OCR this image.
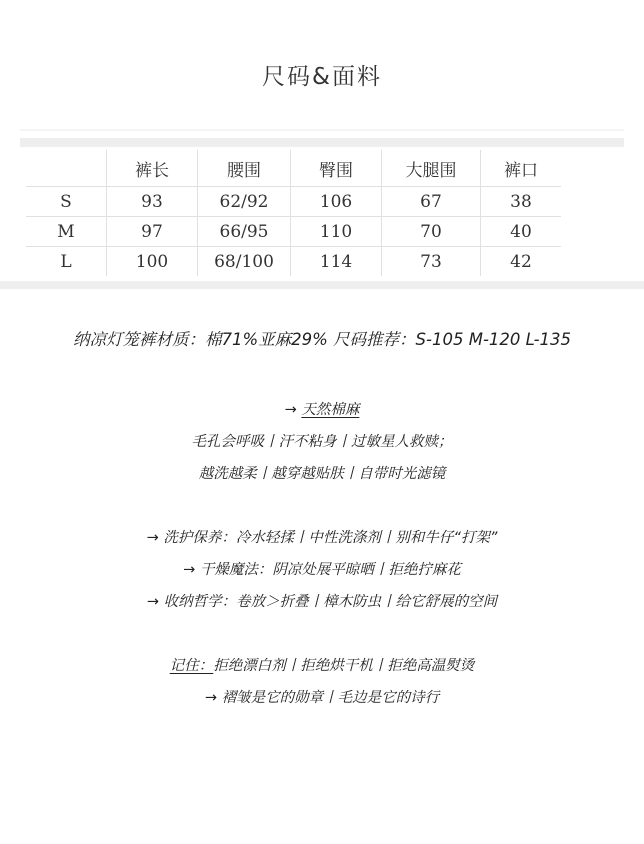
尺码&面料
	裤长	腰围	臀围	大腿围	裤口
S	93	62/92	106	67	38
M	97	66/95	110	70	40
L	100	68/100	114	73	42
纳凉灯笼裤材质：棉71%亚麻29% 尺码推荐：S-105 M-120 L-135
→ 天然棉麻
毛孔会呼吸丨汗不粘身丨过敏星人救赎；
越洗越柔丨越穿越贴肤丨自带时光滤镜
→ 洗护保养：冷水轻揉丨中性洗涤剂丨别和牛仔“打架”
→ 干燥魔法：阴凉处展平晾晒丨拒绝拧麻花
→ 收纳哲学：卷放＞折叠丨樟木防虫丨给它舒展的空间
记住：拒绝漂白剂丨拒绝烘干机丨拒绝高温熨烫
→ 褶皱是它的勋章丨毛边是它的诗行
